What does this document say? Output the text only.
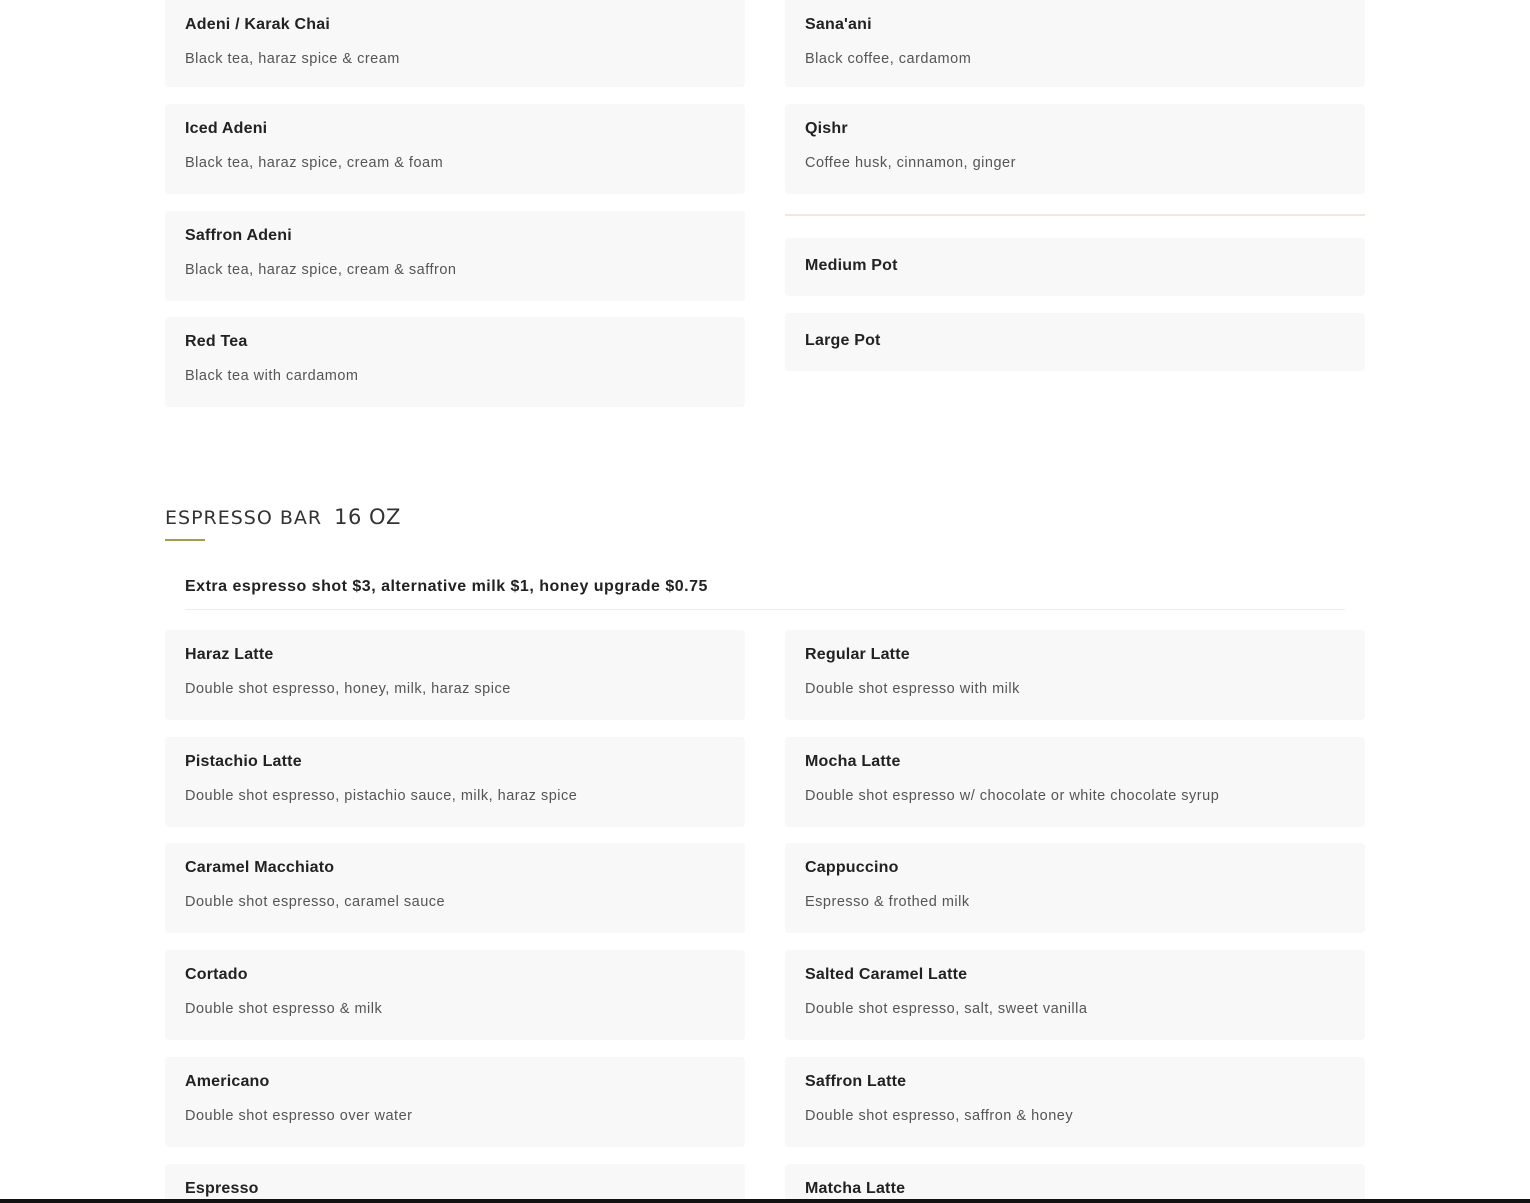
Adeni / Karak Chai
Black tea, haraz spice & cream
Iced Adeni
Black tea, haraz spice, cream & foam
Saffron Adeni
Black tea, haraz spice, cream & saffron
Red Tea
Black tea with cardamom
Sana'ani
Black coffee, cardamom
Qishr
Coffee husk, cinnamon, ginger
Medium Pot
Large Pot
ESPRESSO BAR 16 OZ
Extra espresso shot $3, alternative milk $1, honey upgrade $0.75
Haraz Latte
Double shot espresso, honey, milk, haraz spice
Pistachio Latte
Double shot espresso, pistachio sauce, milk, haraz spice
Caramel Macchiato
Double shot espresso, caramel sauce
Cortado
Double shot espresso & milk
Americano
Double shot espresso over water
Espresso
Regular Latte
Double shot espresso with milk
Mocha Latte
Double shot espresso w/ chocolate or white chocolate syrup
Cappuccino
Espresso & frothed milk
Salted Caramel Latte
Double shot espresso, salt, sweet vanilla
Saffron Latte
Double shot espresso, saffron & honey
Matcha Latte
